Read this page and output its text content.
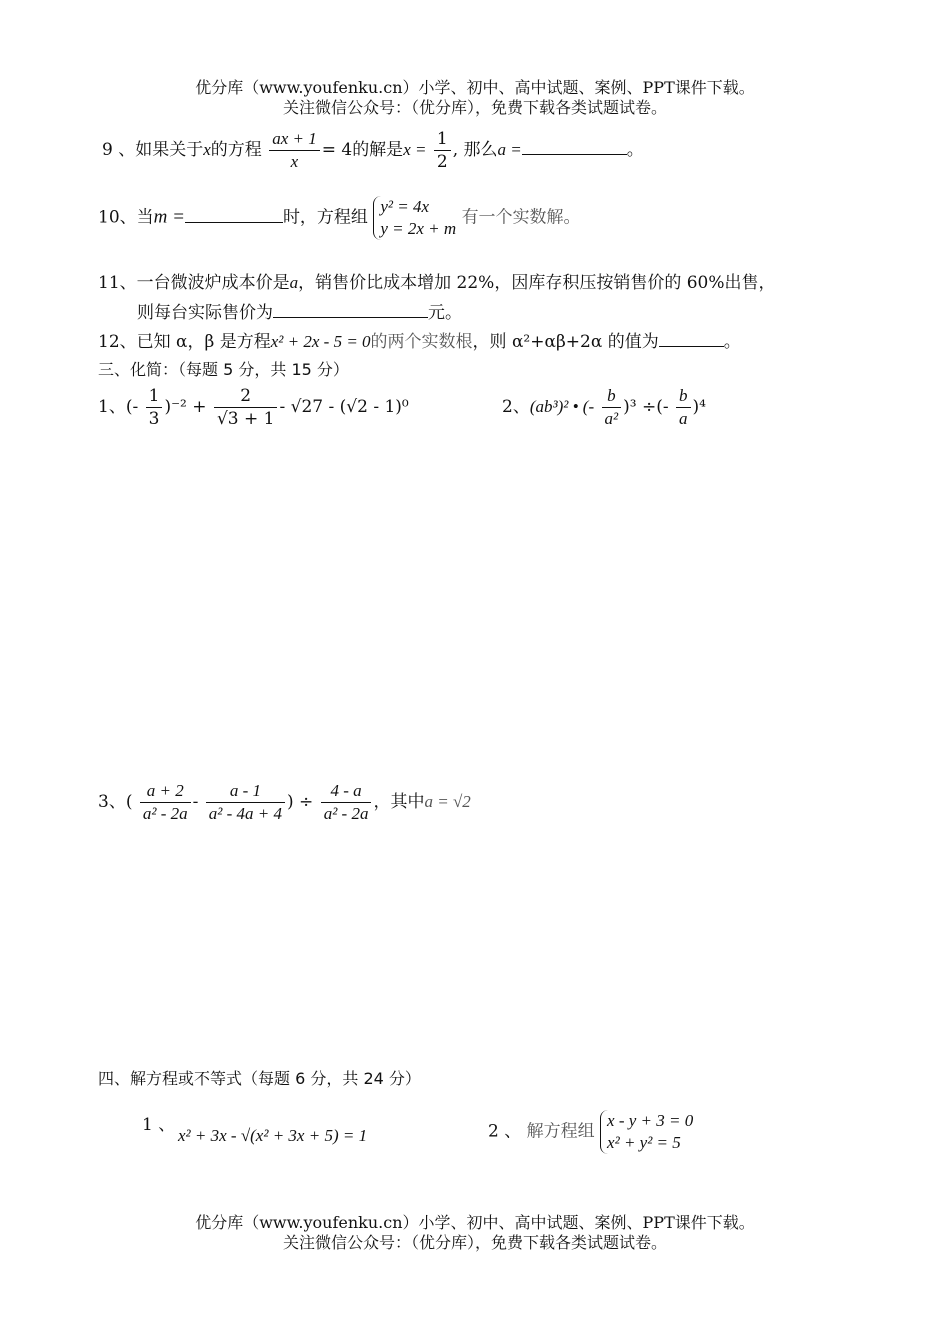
优分库（www.youfenku.cn）小学、初中、高中试题、案例、PPT课件下载。
关注微信公众号：（优分库），免费下载各类试题试卷。
9 、如果关于x的方程 $\frac{ax + 1}{x} = 4$的解是$x = \frac{1}{2}$ , 那么a =	。
10、当m =	时，方程组
y² = 4x
y = 2x + m
有一个实数解。
11、一台微波炉成本价是a，销售价比成本增加 22%，因库存积压按销售价的 60%出售，
则每台实际售价为	元。
12、已知 α，β 是方程x² + 2x - 5 = 0的两个实数根，则 α²+αβ+2α 的值为	。
三、化简：（每题 5 分，共 15 分）
1、(- $\frac{1}{3} )^{-2} + \frac{2}{√3 + 1} - √27 - (√2 - 1)^0$	2、(ab³)² • (- $\frac{b}{\text{a²}} )^3$ ÷(- $\frac{b}{a} )^4$
3、( $\frac{a + 2}{\text{a² - 2a}} - \frac{a - 1}{\text{a² - 4a + 4}}$ ) ÷ $\frac{4 - a}{\text{a² - 2a}}$ ，其中a = √2
四、解方程或不等式（每题 6 分，共 24 分）
1 、
x² + 3x - √(x² + 3x + 5) = 1	2 、 解方程组
x - y + 3 = 0
x² + y² = 5
优分库（www.youfenku.cn）小学、初中、高中试题、案例、PPT课件下载。
关注微信公众号：（优分库），免费下载各类试题试卷。
